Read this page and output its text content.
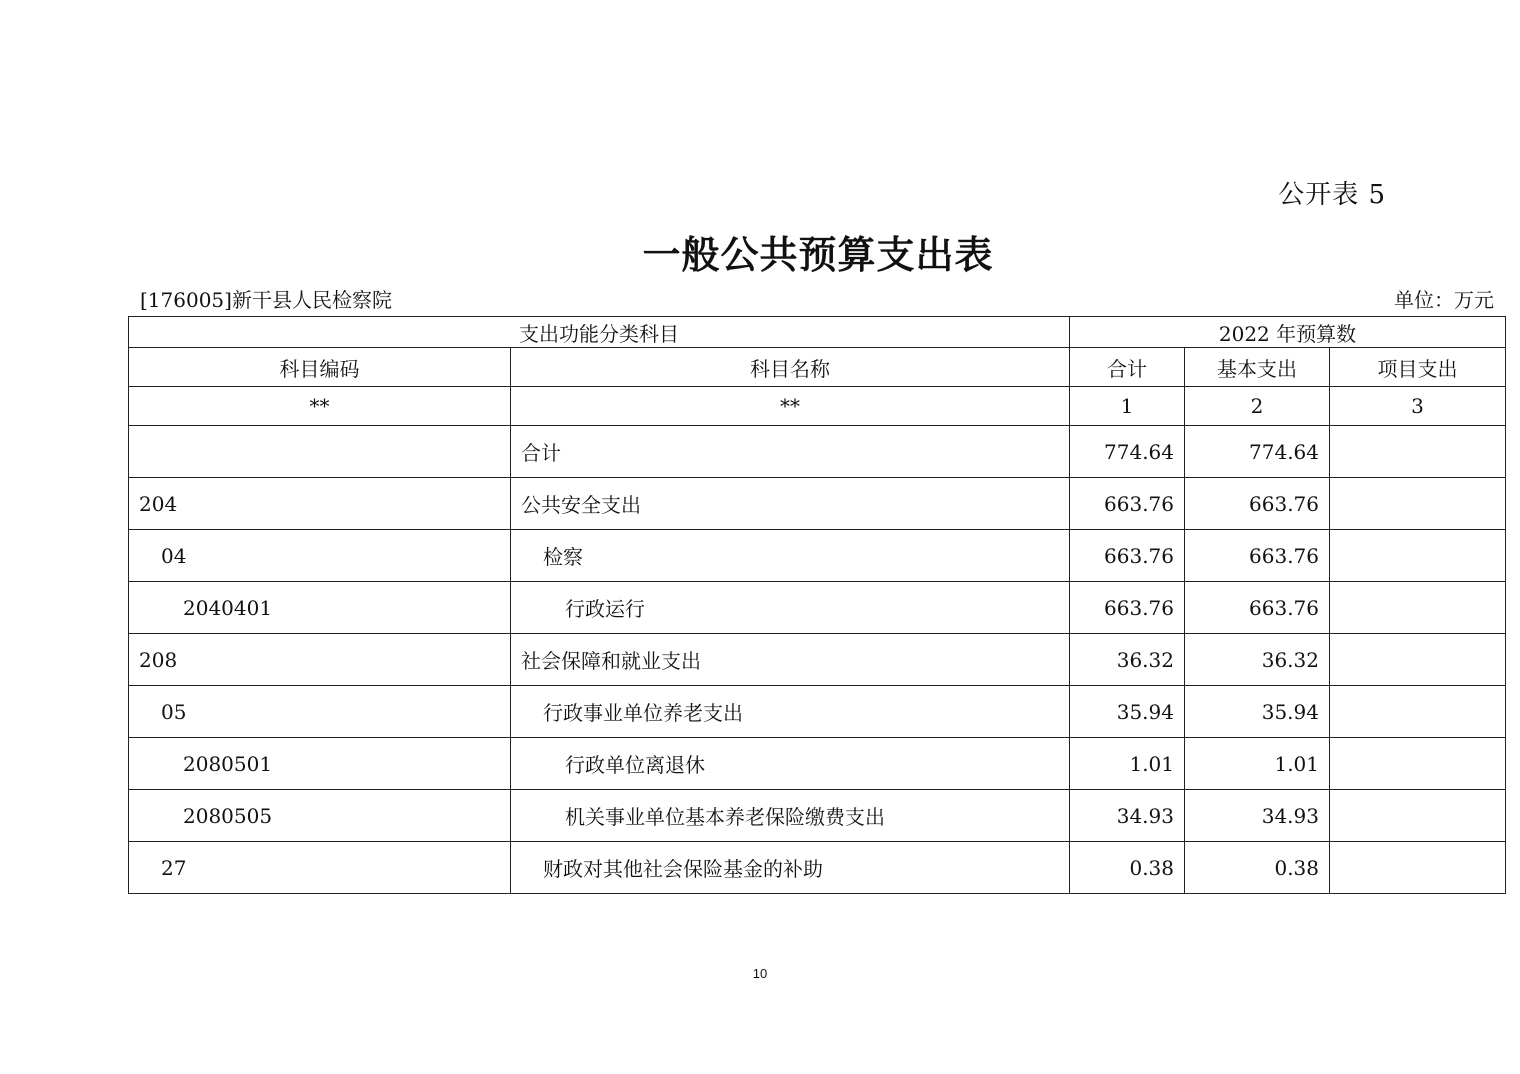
公开表 5
一般公共预算支出表
[176005]新干县人民检察院	单位：万元
支出功能分类科目		2022 年预算数		
科目编码	科目名称	合计	基本支出	项目支出
**	**	1	2	3
	合计	774.64	774.64	
204	公共安全支出	663.76	663.76	
04	检察	663.76	663.76	
2040401	行政运行	663.76	663.76	
208	社会保障和就业支出	36.32	36.32	
05	行政事业单位养老支出	35.94	35.94	
2080501	行政单位离退休	1.01	1.01	
2080505	机关事业单位基本养老保险缴费支出	34.93	34.93	
27	财政对其他社会保险基金的补助	0.38	0.38	
10
